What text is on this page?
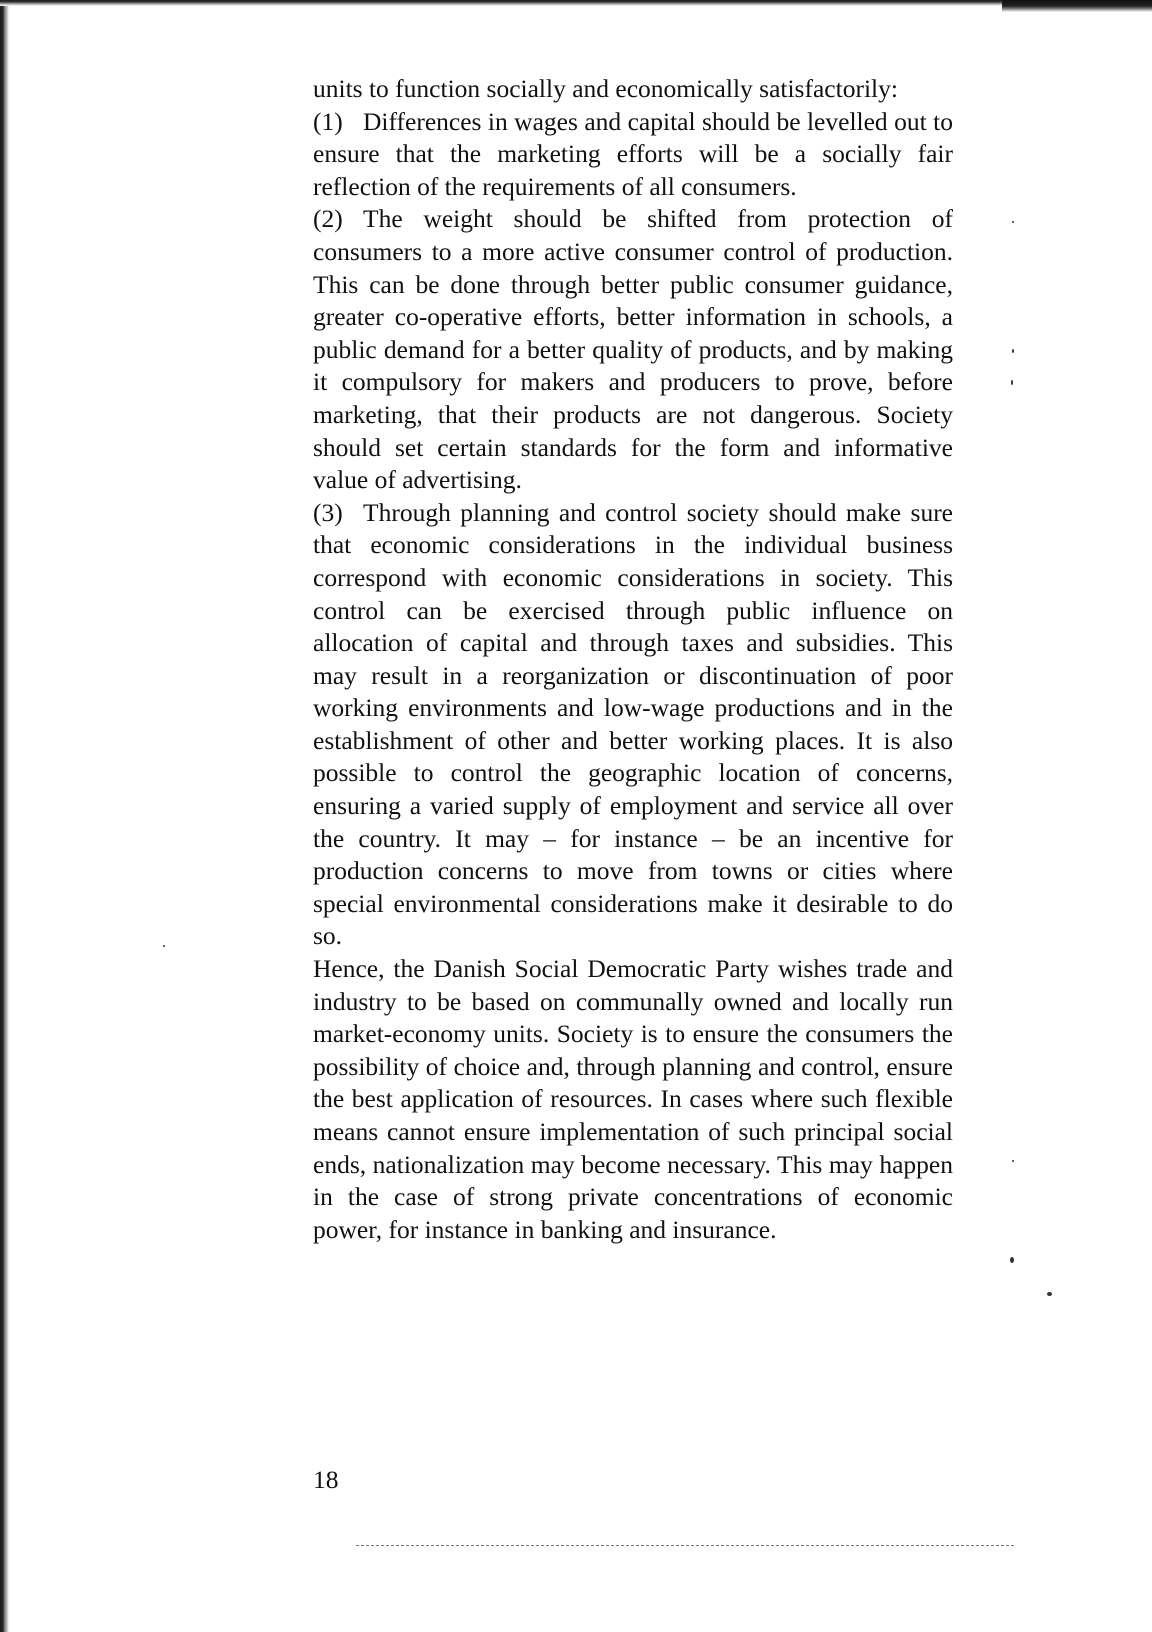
units to function socially and economically satisfactorily:

(1) Differences in wages and capital should be levelled out to ensure that the marketing efforts will be a socially fair reflection of the requirements of all consumers.

(2) The weight should be shifted from protection of consumers to a more active consumer control of production. This can be done through better public consumer guidance, greater co-operative efforts, better information in schools, a public demand for a better quality of products, and by making it compulsory for makers and producers to prove, before marketing, that their products are not dangerous. Society should set certain standards for the form and informative value of advertising.

(3) Through planning and control society should make sure that economic considerations in the individual business correspond with economic considerations in society. This control can be exercised through public influence on allocation of capital and through taxes and subsidies. This may result in a reorganization or discontinuation of poor working environments and low-wage productions and in the establishment of other and better working places. It is also possible to control the geographic location of concerns, ensuring a varied supply of employment and service all over the country. It may – for instance – be an incentive for production concerns to move from towns or cities where special environmental considerations make it desirable to do so.

Hence, the Danish Social Democratic Party wishes trade and industry to be based on communally owned and locally run market-economy units. Society is to ensure the consumers the possibility of choice and, through planning and control, ensure the best application of resources. In cases where such flexible means cannot ensure implementation of such principal social ends, nationalization may become necessary. This may happen in the case of strong private concentrations of economic power, for instance in banking and insurance.

18
